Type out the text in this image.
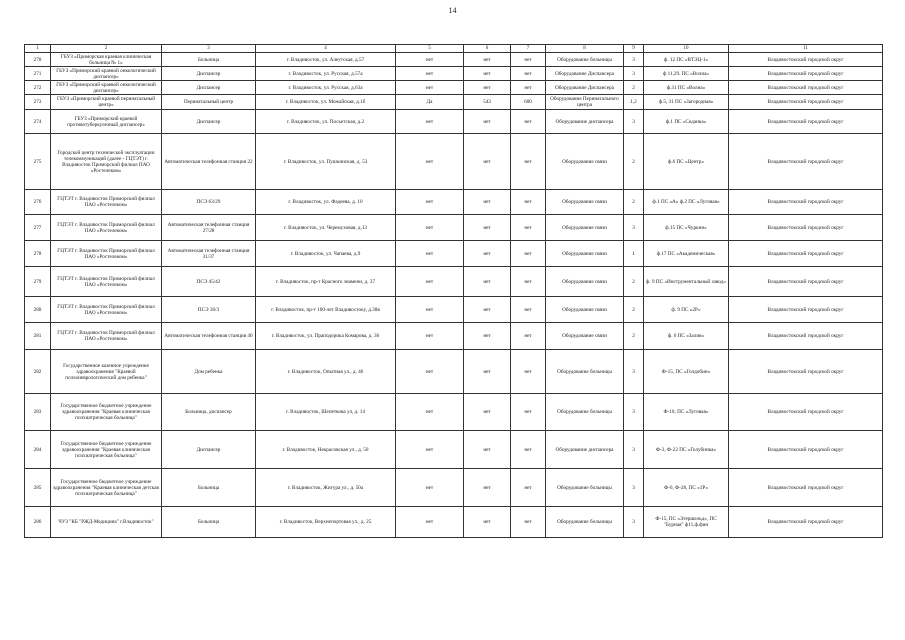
14
1	2	3	4	5	6	7	8	9	10	11
270	ГБУЗ «Приморская краевая клиническая больница № 1»	Больница	г. Владивосток, ул. Алеутская, д.57	нет	нет	нет	Оборудование больницы	3	ф. 12 ПС «ВТЭЦ-1»	Владивостокский городской округ
271	ГБУЗ «Приморский краевой онкологический диспансер»	Диспансер	г. Владивосток, ул. Русская, д.57а	нет	нет	нет	Оборудование Диспансера	3	ф 11,29. ПС «Волна»	Владивостокский городской округ
272	ГБУЗ «Приморский краевой онкологический диспансер»	Диспансер	г. Владивосток, ул. Русская, д.63а	нет	нет	нет	Оборудование Диспансера	2	ф.31 ПС «Волна»	Владивостокский городской округ
273	ГБУЗ «Приморский краевой перинатальный центр»	Перинатальный центр	г. Владивосток, ул. Можайская, д.1б	Да	543	600	Оборудование Перинатального центра	1,2	ф.5, 31 ПС «Загородная»	Владивостокский городской округ
274	ГБУЗ «Приморский краевой противотуберкулезный диспансер»	Диспансер	г. Владивосток, ул. Посьетская, д.2	нет	нет	нет	Оборудование диспансера	3	ф.1 ПС «Седанка»	Владивостокский городской округ
275	Городской центр технической эксплуатации телекоммуникаций (далее - ГЦТЭТ) г. Владивосток Приморский филиал ПАО «Ростелеком»	Автоматическая телефонная станция 22	г. Владивосток, ул. Пушкинская, д. 53	нет	нет	нет	Оборудование связи	2	ф.6 ПС «Центр»	Владивостокский городской округ
276	ГЦТЭТ г. Владивосток Приморский филиал ПАО «Ростелеком»	ПСЭ 63/29	г. Владивосток, ул. Фадеева, д. 10	нет	нет	нет	Оборудование связи	2	ф.1 ПС «А» ф.2 ПС «Луговая»	Владивостокский городской округ
277	ГЦТЭТ г. Владивосток Приморский филиал ПАО «Ростелеком»	Автоматическая телефонная станция 27/28	г. Владивосток, ул. Черемуховая, д.13	нет	нет	нет	Оборудование связи	3	ф.15 ПС «Чуркин»	Владивостокский городской округ
278	ГЦТЭТ г. Владивосток Приморский филиал ПАО «Ростелеком»	Автоматическая телефонная станция 31/37	г. Владивосток, ул. Чапаева, д.9	нет	нет	нет	Оборудование связи	1	ф.17 ПС «Академическая»	Владивостокский городской округ
279	ГЦТЭТ г. Владивосток Приморский филиал ПАО «Ростелеком»	ПСЭ 45/42	г. Владивосток, пр-т Красного знамени, д. 37	нет	нет	нет	Оборудование связи	2	ф. 9 ПС «Инструментальный завод»	Владивостокский городской округ
280	ГЦТЭТ г. Владивосток Приморский филиал ПАО «Ростелеком»	ПСЭ 36/3	г. Владивосток, пр-т 100-лет Владивостоку, д.38в	нет	нет	нет	Оборудование связи	2	ф. 9 ПС «2Р»	Владивостокский городской округ
281	ГЦТЭТ г. Владивосток Приморский филиал ПАО «Ростелеком»	Автоматическая телефонная станция 40	г. Владивосток, ул. Праподорика Комарова, д. 36	нет	нет	нет	Оборудование связи	2	ф. 6 ПС «Залив»	Владивостокский городской округ
282	Государственное казенное учреждение здравоохранения "Краевой психоневрологический дом ребенка"	Дом ребенка	г. Владивосток, Опытная ул., д. 46	нет	нет	нет	Оборудование больницы	3	Ф-15, ПС «Голдобин»	Владивостокский городской округ
283	Государственное бюджетное учреждение здравоохранения "Краевая клиническая психиатрическая больница"	Больница, диспансер	г. Владивосток, Шепеткова ул, д. 14	нет	нет	нет	Оборудование больницы	3	Ф-10, ПС «Луговая»	Владивостокский городской округ
284	Государственное бюджетное учреждение здравоохранения "Краевая клиническая психиатрическая больница"	Диспансер	г. Владивосток, Некрасовская ул., д. 50	нет	нет	нет	Оборудование диспансера	3	Ф-3, Ф-22 ПС «Голубинка»	Владивостокский городской округ
285	Государственное бюджетное учреждение здравоохранения "Краевая клиническая детская психиатрическая больница"	Больница	г. Владивосток, Жигура ул., д. 50а	нет	нет	нет	Оборудование больницы	3	Ф-6, Ф-28, ПС «1Р»	Владивостокский городской округ
286	ЧУЗ "КБ "РЖД-Медицина" г.Владивосток"	Больница	г. Владивосток, Верхнепортовая ул., д. 25	нет	нет	нет	Оборудование больницы	3	Ф-15, ПС «Эгершельд», ПС "Бурная" ф11,ф.фин	Владивостокский городской округ
